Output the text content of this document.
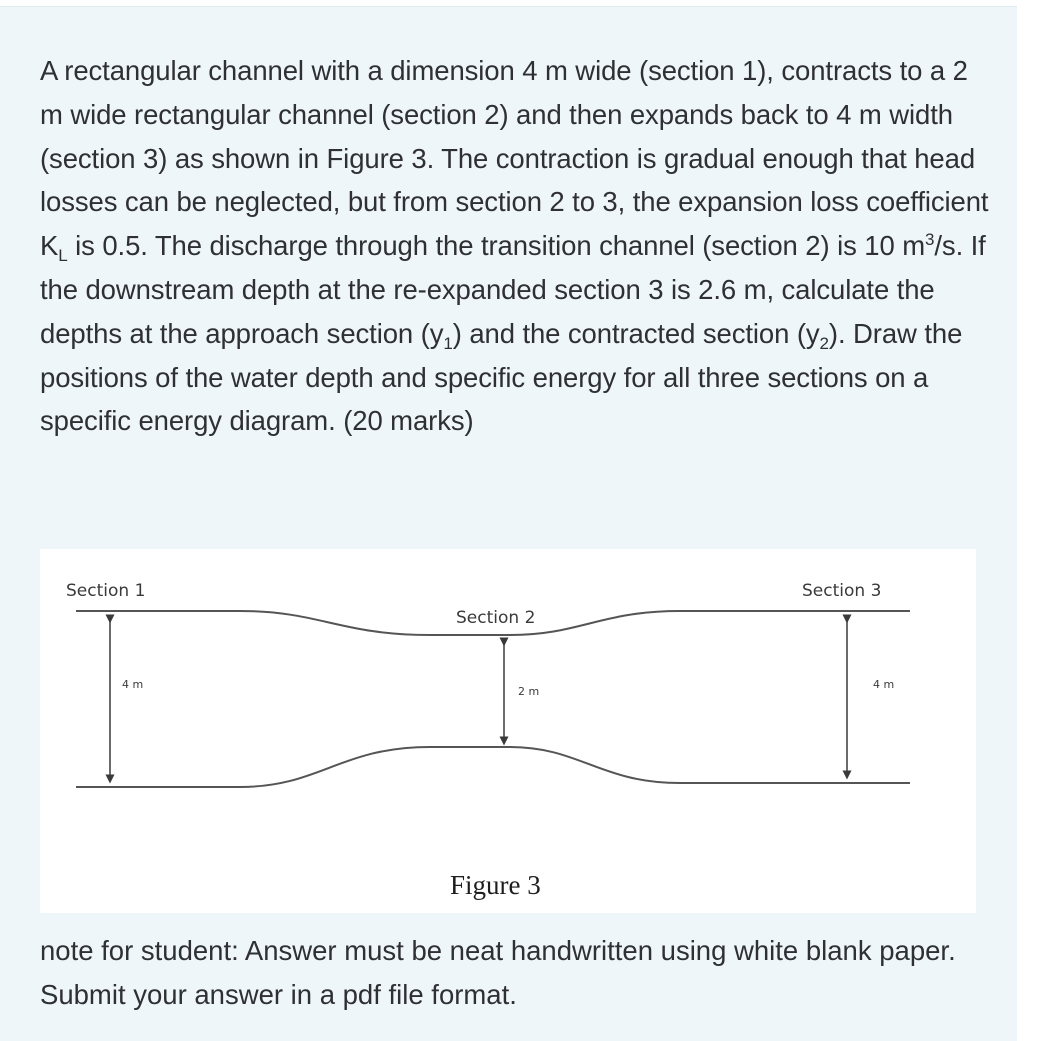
A rectangular channel with a dimension 4 m wide (section 1), contracts to a 2 m wide rectangular channel (section 2) and then expands back to 4 m width (section 3) as shown in Figure 3. The contraction is gradual enough that head losses can be neglected, but from section 2 to 3, the expansion loss coefficient $K_L$ is 0.5. The discharge through the transition channel (section 2) is 10 $m^3/s$. If the downstream depth at the re-expanded section 3 is 2.6 m, calculate the depths at the approach section $(y_1)$ and the contracted section $(y_2)$. Draw the positions of the water depth and specific energy for all three sections on a specific energy diagram. (20 marks)

Section 1
Section 2
Section 3
4 m
2 m
4 m
Figure 3

note for student: Answer must be neat handwritten using white blank paper. Submit your answer in a pdf file format.
